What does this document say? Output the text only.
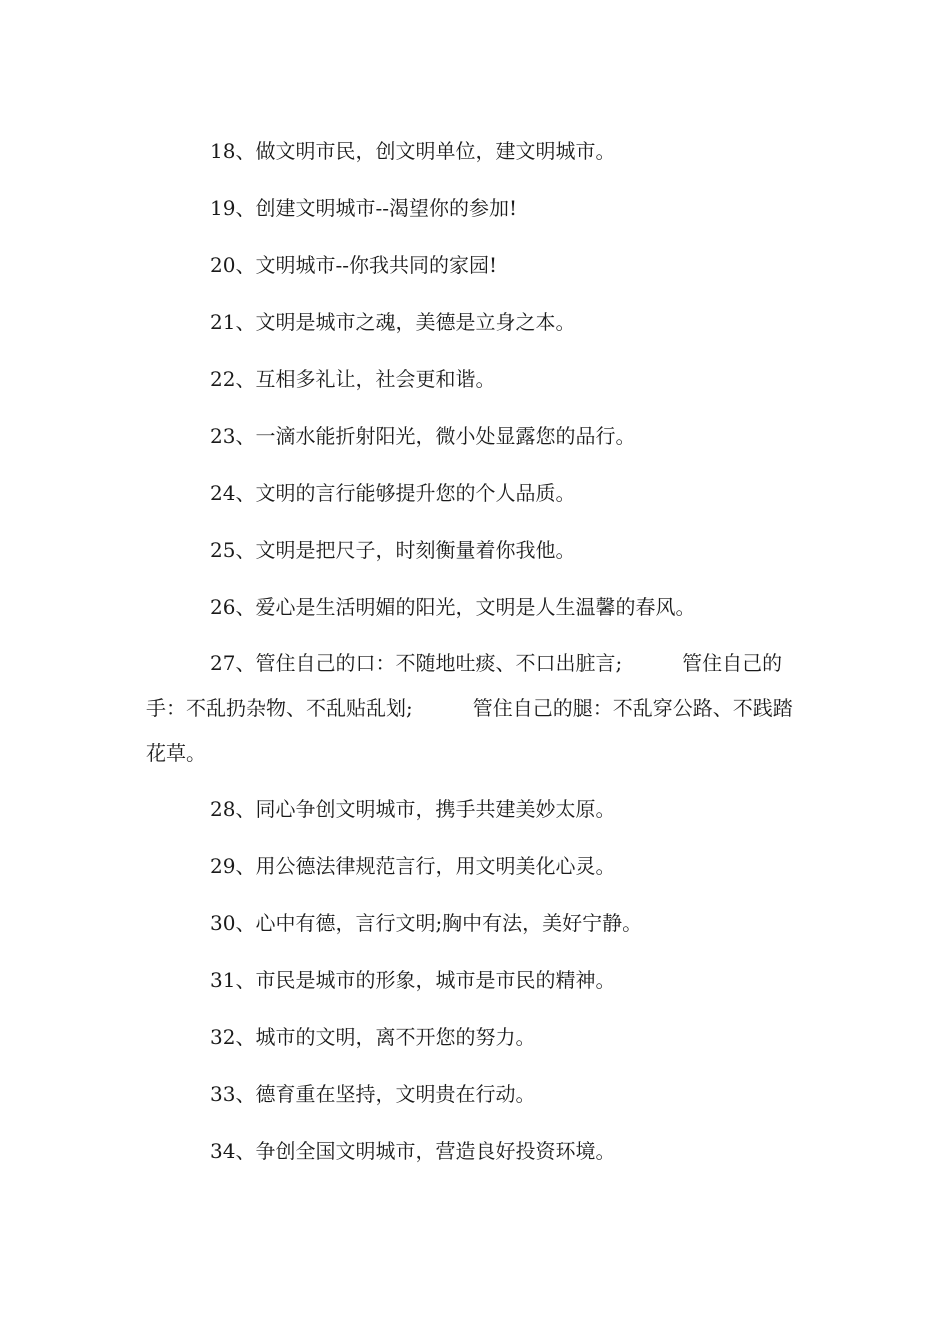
18、做文明市民，创文明单位，建文明城市。

19、创建文明城市--渴望你的参加!

20、文明城市--你我共同的家园!

21、文明是城市之魂，美德是立身之本。

22、互相多礼让，社会更和谐。

23、一滴水能折射阳光，微小处显露您的品行。

24、文明的言行能够提升您的个人品质。

25、文明是把尺子，时刻衡量着你我他。

26、爱心是生活明媚的阳光，文明是人生温馨的春风。

27、管住自己的口：不随地吐痰、不口出脏言;　　　管住自己的手：不乱扔杂物、不乱贴乱划;　　　管住自己的腿：不乱穿公路、不践踏花草。

28、同心争创文明城市，携手共建美妙太原。

29、用公德法律规范言行，用文明美化心灵。

30、心中有德，言行文明;胸中有法，美好宁静。

31、市民是城市的形象，城市是市民的精神。

32、城市的文明，离不开您的努力。

33、德育重在坚持，文明贵在行动。

34、争创全国文明城市，营造良好投资环境。
